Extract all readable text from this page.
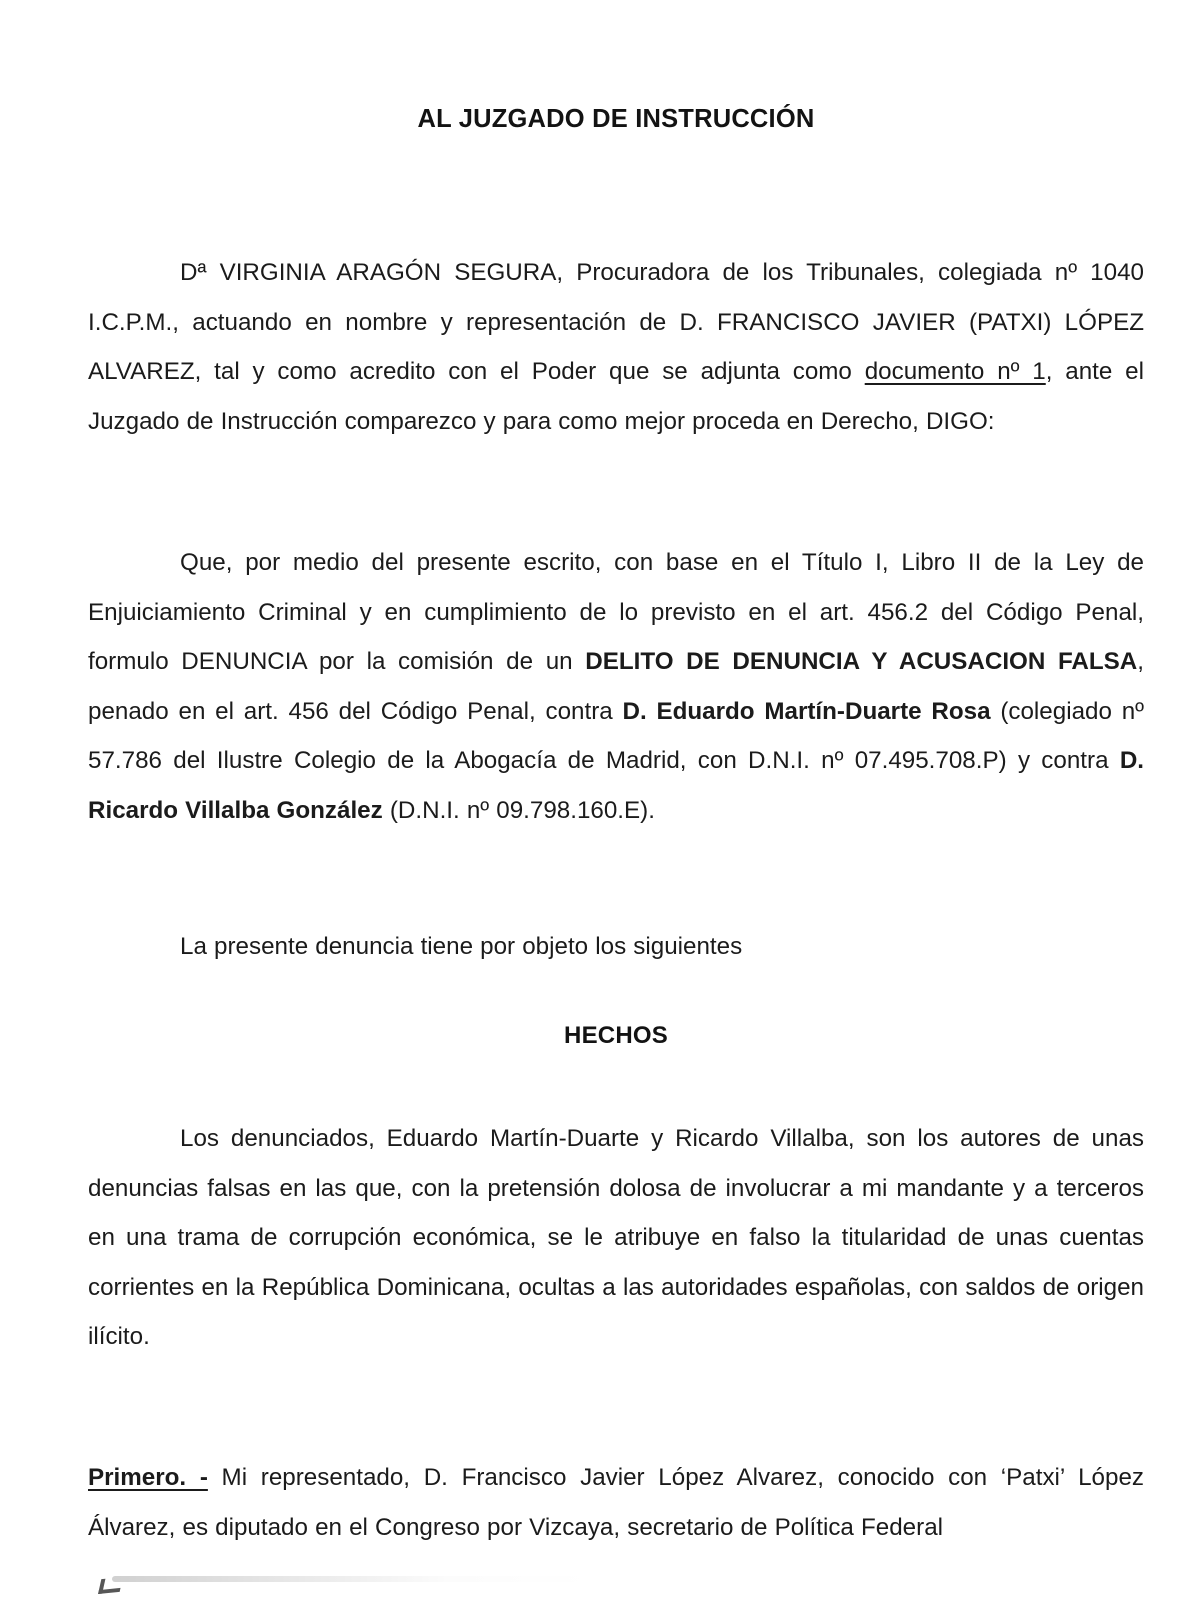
AL JUZGADO DE INSTRUCCIÓN

Dª VIRGINIA ARAGÓN SEGURA, Procuradora de los Tribunales, colegiada nº 1040 I.C.P.M., actuando en nombre y representación de D. FRANCISCO JAVIER (PATXI) LÓPEZ ALVAREZ, tal y como acredito con el Poder que se adjunta como documento nº 1, ante el Juzgado de Instrucción comparezco y para como mejor proceda en Derecho, DIGO:

Que, por medio del presente escrito, con base en el Título I, Libro II de la Ley de Enjuiciamiento Criminal y en cumplimiento de lo previsto en el art. 456.2 del Código Penal, formulo DENUNCIA por la comisión de un DELITO DE DENUNCIA Y ACUSACION FALSA, penado en el art. 456 del Código Penal, contra D. Eduardo Martín-Duarte Rosa (colegiado nº 57.786 del Ilustre Colegio de la Abogacía de Madrid, con D.N.I. nº 07.495.708.P) y contra D. Ricardo Villalba González (D.N.I. nº 09.798.160.E).

La presente denuncia tiene por objeto los siguientes

HECHOS

Los denunciados, Eduardo Martín-Duarte y Ricardo Villalba, son los autores de unas denuncias falsas en las que, con la pretensión dolosa de involucrar a mi mandante y a terceros en una trama de corrupción económica, se le atribuye en falso la titularidad de unas cuentas corrientes en la República Dominicana, ocultas a las autoridades españolas, con saldos de origen ilícito.

Primero. - Mi representado, D. Francisco Javier López Alvarez, conocido con ‘Patxi’ López Álvarez, es diputado en el Congreso por Vizcaya, secretario de Política Federal
